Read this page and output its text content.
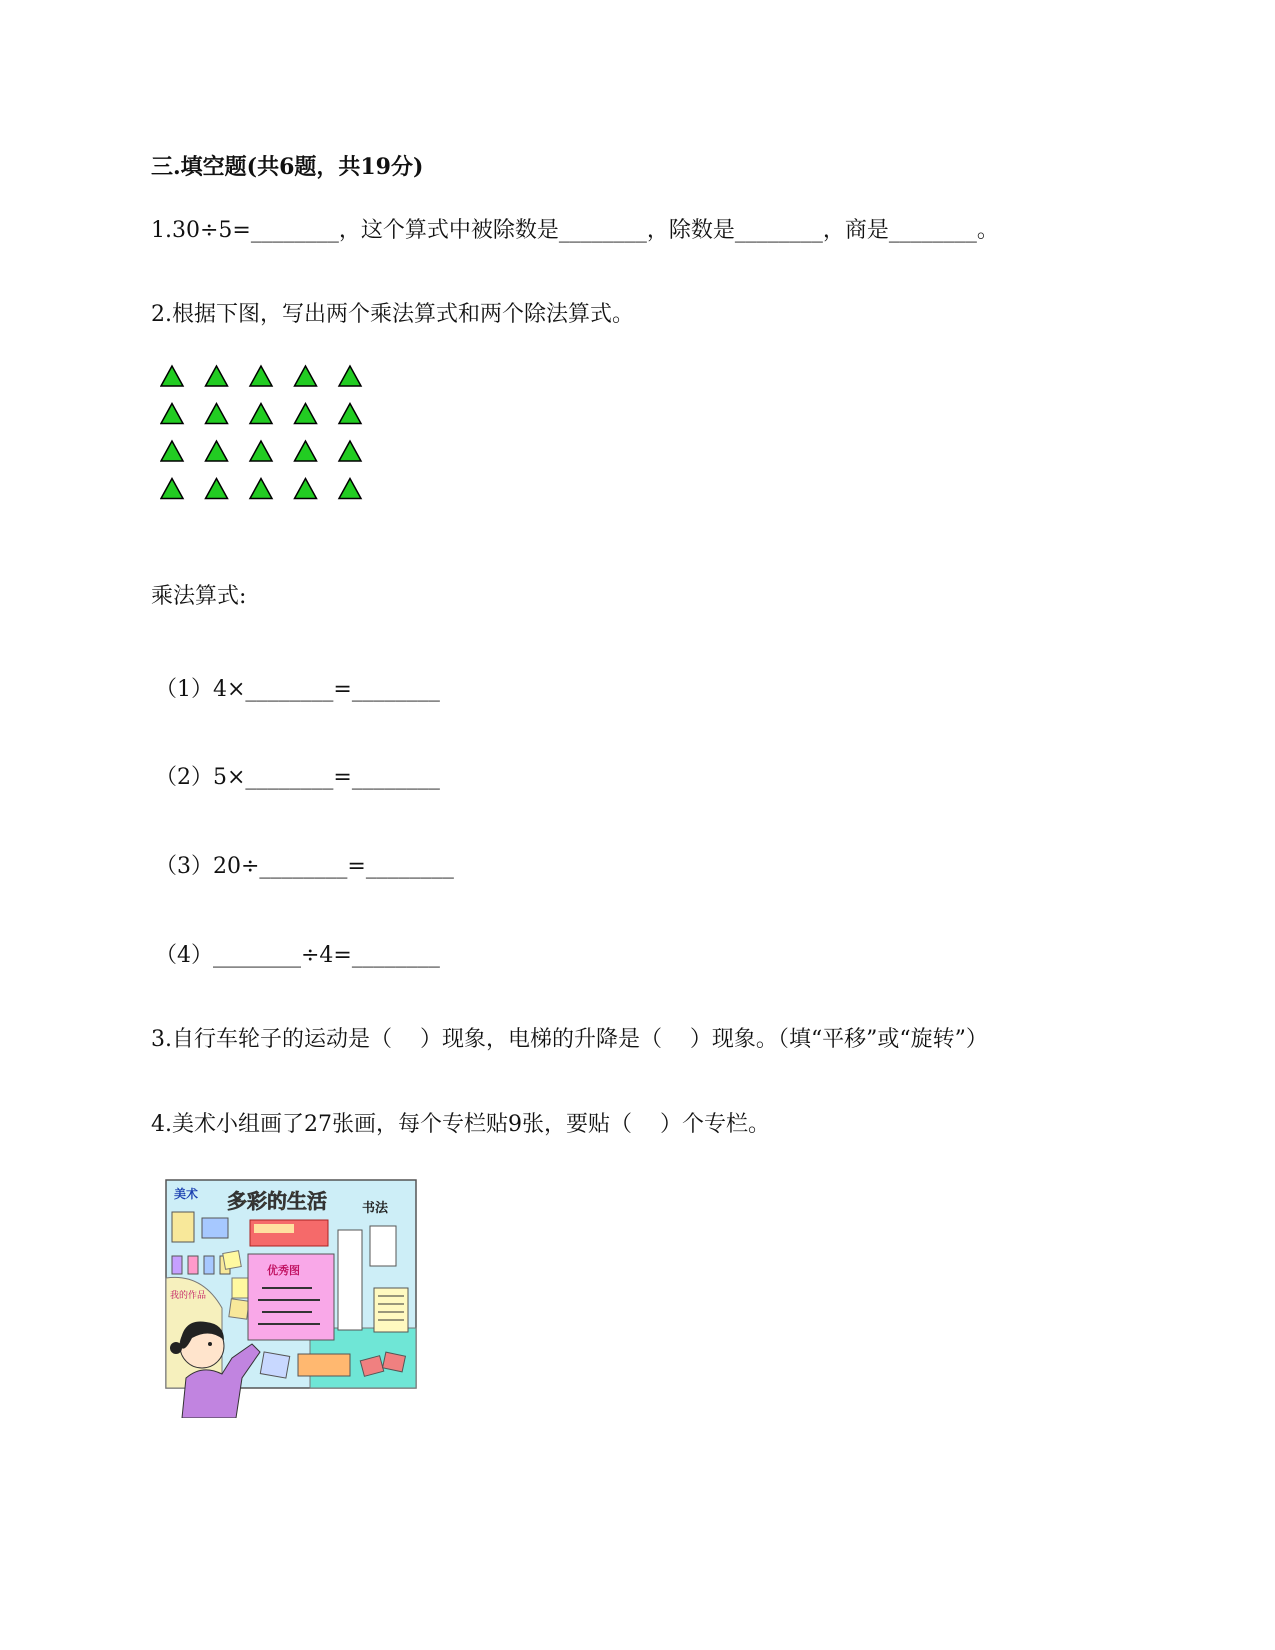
三.填空题(共6题，共19分)
1.30÷5=________，这个算式中被除数是________，除数是________，商是________。
2.根据下图，写出两个乘法算式和两个除法算式。
乘法算式:
（1）4×________=________
（2）5×________=________
（3）20÷________=________
（4）________÷4=________
3.自行车轮子的运动是（    ）现象，电梯的升降是（    ）现象。（填“平移”或“旋转”）
4.美术小组画了27张画，每个专栏贴9张，要贴（    ）个专栏。
多彩的生活
美术
书法
优秀图
我的作品
